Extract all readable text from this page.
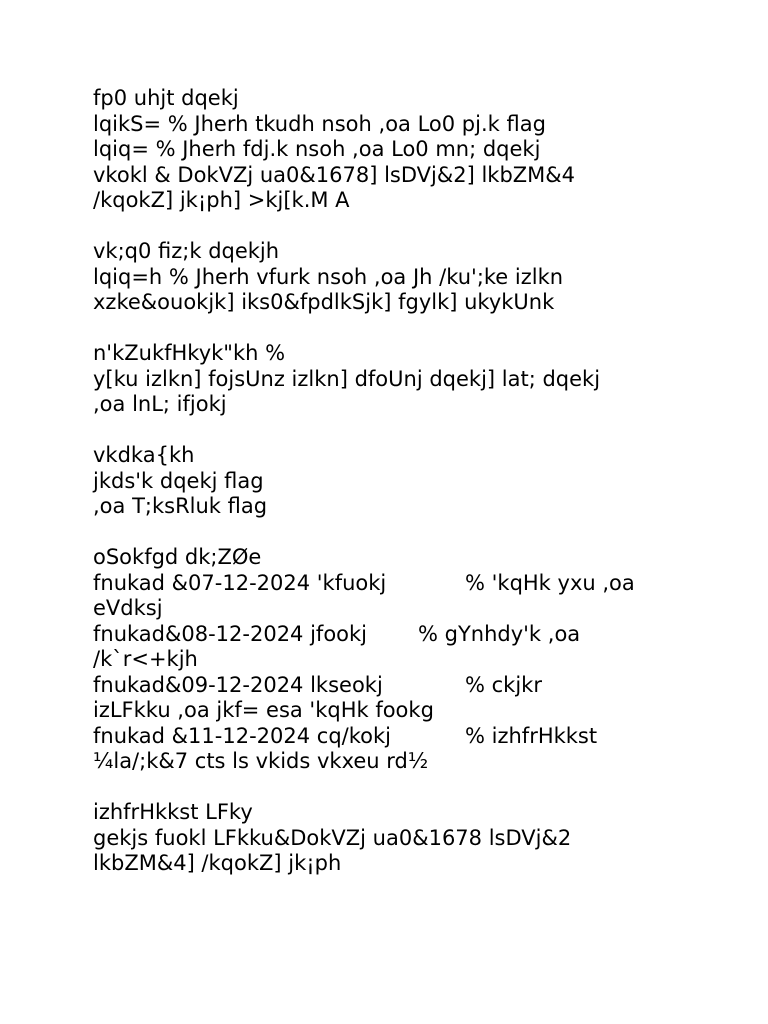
fp0 uhjt dqekj
lqikS= % Jherh tkudh nsoh ,oa Lo0 pj.k flag
lqiq= % Jherh fdj.k nsoh ,oa Lo0 mn; dqekj
vkokl & DokVZj ua0&1678] lsDVj&2] lkbZM&4
/kqokZ] jk¡ph] >kj[k.M A
vk;q0 fiz;k dqekjh
lqiq=h % Jherh vfurk nsoh ,oa Jh /ku';ke izlkn
xzke&ouokjk] iks0&fpdlkSjk] fgylk] ukykUnk
n'kZukfHkyk"kh %
y[ku izlkn] fojsUnz izlkn] dfoUnj dqekj] lat; dqekj
,oa lnL; ifjokj
vkdka{kh
jkds'k dqekj flag
,oa T;ksRluk flag
oSokfgd dk;ZØe
fnukad &07-12-2024 'kfuokj	% 'kqHk yxu ,oa
eVdksj
fnukad&08-12-2024 jfookj % gYnhdy'k ,oa
/k`r<+kjh
fnukad&09-12-2024 lkseokj	% ckjkr
izLFkku ,oa jkf= esa 'kqHk fookg
fnukad &11-12-2024 cq/kokj	% izhfrHkkst
¼la/;k&7 cts ls vkids vkxeu rd½
izhfrHkkst LFky
gekjs fuokl LFkku&DokVZj ua0&1678 lsDVj&2
lkbZM&4] /kqokZ] jk¡ph
